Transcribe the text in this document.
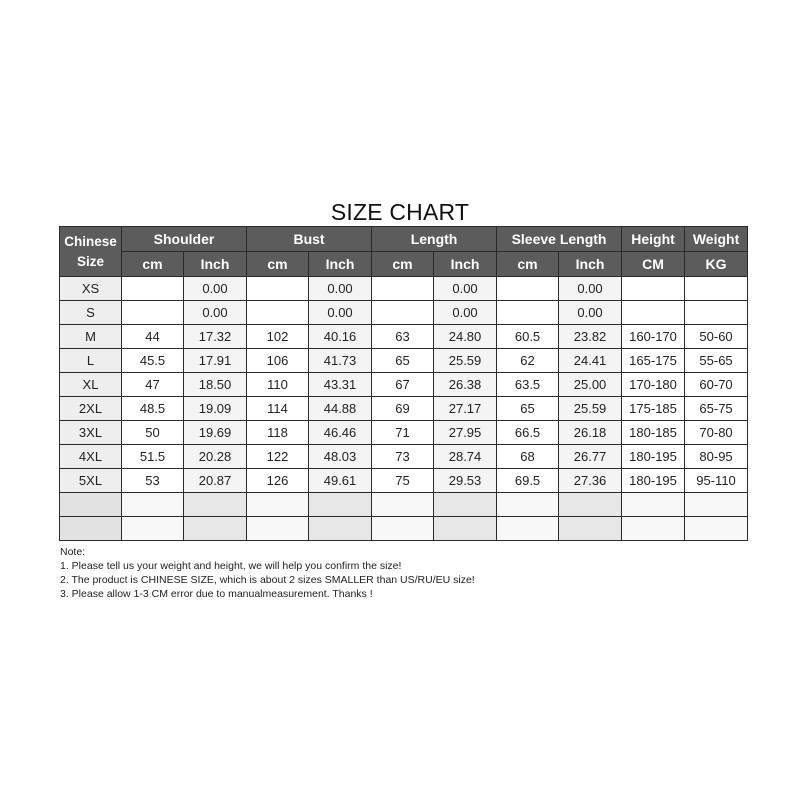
SIZE CHART
Chinese Size	Shoulder		Bust		Length		Sleeve Length		Height	Weight
	cm	Inch	cm	Inch	cm	Inch	cm	Inch	CM	KG
XS		0.00		0.00		0.00		0.00		
S		0.00		0.00		0.00		0.00		
M	44	17.32	102	40.16	63	24.80	60.5	23.82	160-170	50-60
L	45.5	17.91	106	41.73	65	25.59	62	24.41	165-175	55-65
XL	47	18.50	110	43.31	67	26.38	63.5	25.00	170-180	60-70
2XL	48.5	19.09	114	44.88	69	27.17	65	25.59	175-185	65-75
3XL	50	19.69	118	46.46	71	27.95	66.5	26.18	180-185	70-80
4XL	51.5	20.28	122	48.03	73	28.74	68	26.77	180-195	80-95
5XL	53	20.87	126	49.61	75	29.53	69.5	27.36	180-195	95-110

Note:
1. Please tell us your weight and height, we will help you confirm the size!
2. The product is CHINESE SIZE, which is about 2 sizes SMALLER than US/RU/EU size!
3. Please allow 1-3 CM error due to manualmeasurement. Thanks !
